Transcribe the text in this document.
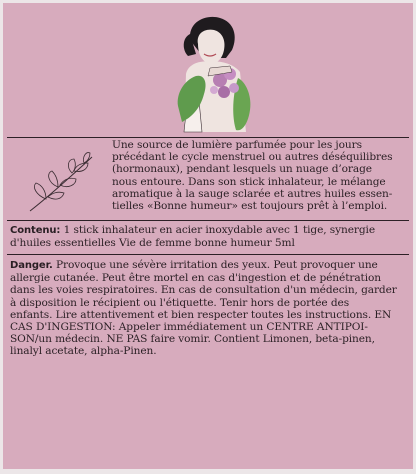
Une source de lumière parfumée pour les jours
précédant le cycle menstruel ou autres déséquilibres
(hormonaux), pendant lesquels un nuage d’orage
nous entoure. Dans son stick inhalateur, le mélange
aromatique à la sauge sclarée et autres huiles essen-
tielles «Bonne humeur» est toujours prêt à l’emploi.
Contenu: 1 stick inhalateur en acier inoxydable avec 1 tige, synergie
d'huiles essentielles Vie de femme bonne humeur 5ml
Danger. Provoque une sévère irritation des yeux. Peut provoquer une
allergie cutanée. Peut être mortel en cas d'ingestion et de pénétration
dans les voies respiratoires. En cas de consultation d'un médecin, garder
à disposition le récipient ou l'étiquette. Tenir hors de portée des
enfants. Lire attentivement et bien respecter toutes les instructions. EN
CAS D'INGESTION: Appeler immédiatement un CENTRE ANTIPOI-
SON/un médecin. NE PAS faire vomir. Contient Limonen, beta-pinen,
linalyl acetate, alpha-Pinen.
